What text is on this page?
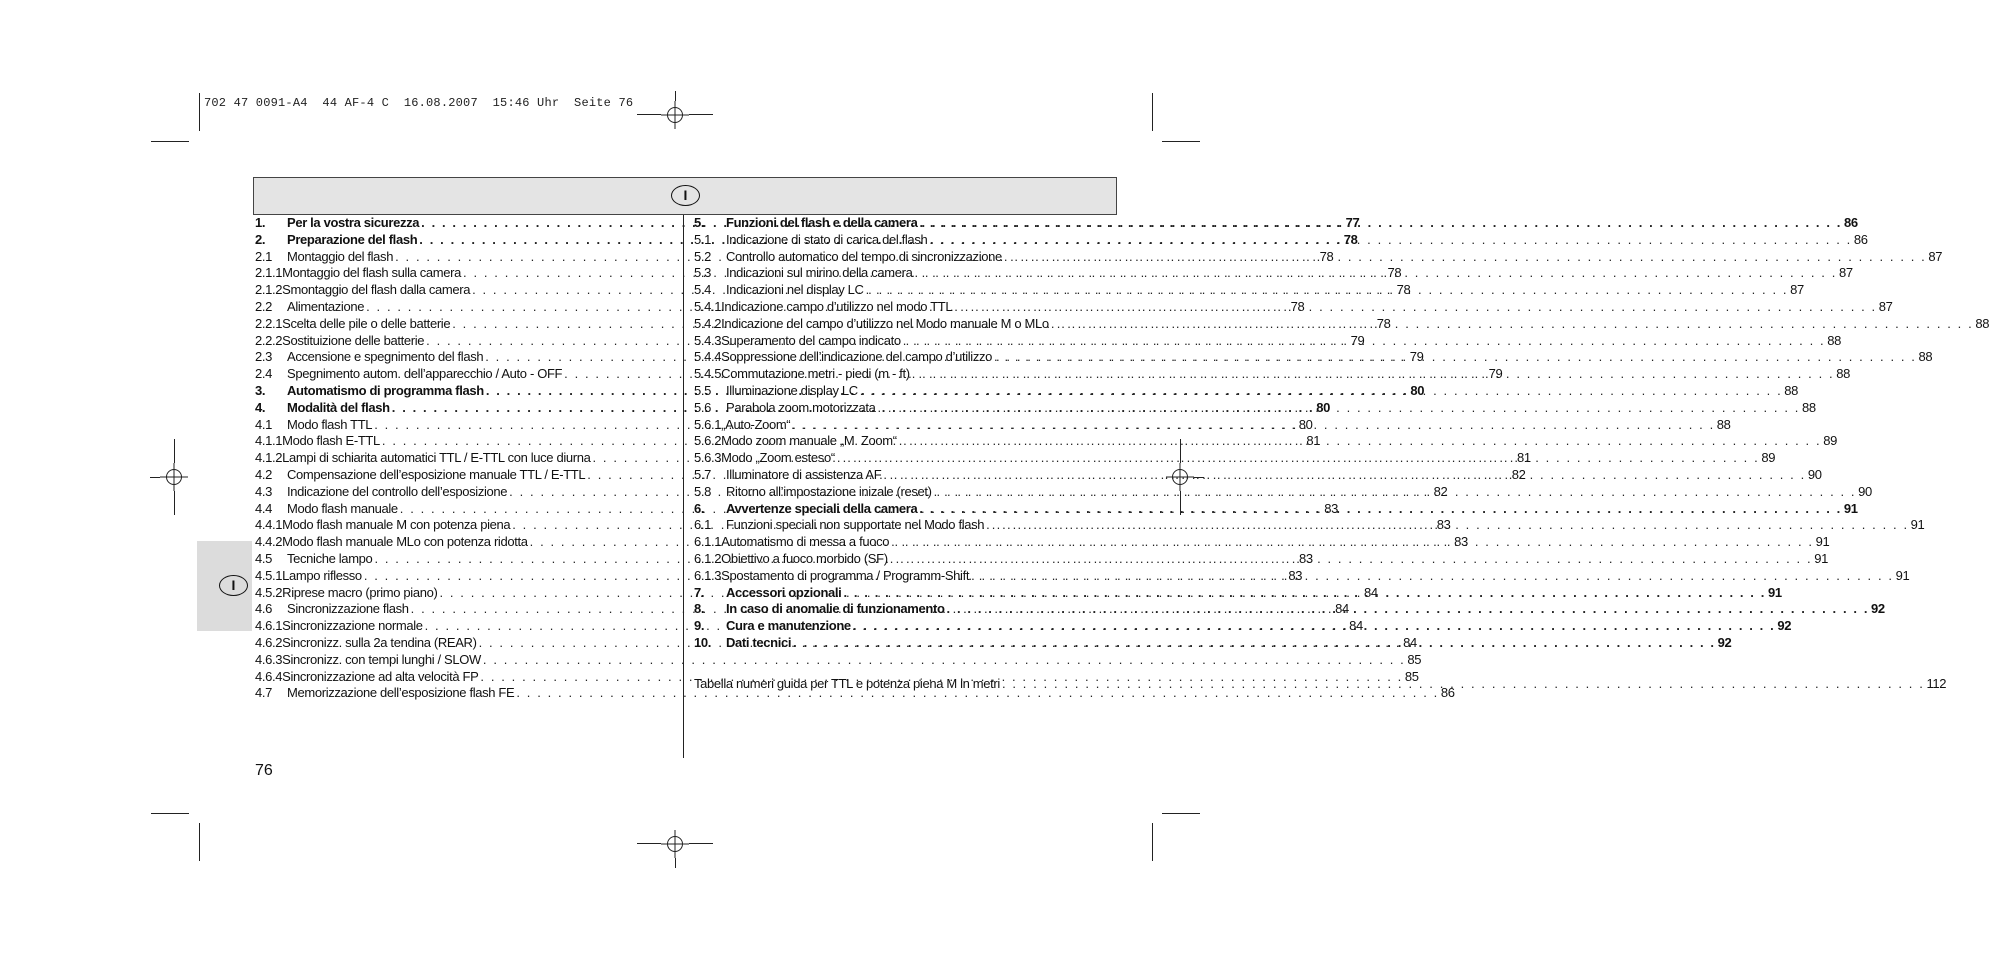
702 47 0091-A4  44 AF-4 C  16.08.2007  15:46 Uhr  Seite 76
I
I
1.	Per la vostra sicurezza . . .	77
2.	Preparazione del flash . . .	78
2.1	Montaggio del flash . . .	78
2.1.1 Montaggio del flash sulla camera . . .	78
2.1.2 Smontaggio del flash dalla camera . . .	78
2.2	Alimentazione . . .	78
2.2.1 Scelta delle pile o delle batterie . . .	78
2.2.2 Sostituizione delle batterie . . .	79
2.3	Accensione e spegnimento del flash . . .	79
2.4	Spegnimento autom. dell’apparecchio / Auto - OFF . . .	79
3.	Automatismo di programma flash . . .	80
4.	Modalità del flash . . .	80
4.1	Modo flash TTL . . .	80
4.1.1 Modo flash E-TTL . . .	81
4.1.2 Lampi di schiarita automatici TTL / E-TTL con luce diurna . . .	81
4.2	Compensazione dell’esposizione manuale TTL / E-TTL . . .	82
4.3	Indicazione del controllo dell’esposizione . . .	82
4.4	Modo flash manuale . . .	83
4.4.1 Modo flash manuale M con potenza piena . . .	83
4.4.2 Modo flash manuale MLo con potenza ridotta . . .	83
4.5	Tecniche lampo . . .	83
4.5.1 Lampo riflesso . . .	83
4.5.2 Riprese macro (primo piano) . . .	84
4.6	Sincronizzazione flash . . .	84
4.6.1 Sincronizzazione normale . . .	84
4.6.2 Sincronizz. sulla 2a tendina (REAR) . . .	84
4.6.3 Sincronizz. con tempi lunghi / SLOW . . .	85
4.6.4 Sincronizzazione ad alta velocità FP . . .	85
4.7	Memorizzazione dell’esposizione flash FE . . .	86
5.	Funzioni del flash e della camera . . .	86
5.1	Indicazione di stato di carica del flash . . .	86
5.2	Controllo automatico del tempo di sincronizzazione . . .	87
5.3	Indicazioni sul mirino della camera . . .	87
5.4	Indicazioni nel display LC . . .	87
5.4.1 Indicazione campo d’utilizzo nel modo TTL . . .	87
5.4.2 Indicazione del campo d’utilizzo nel Modo manuale M o MLo . . .	88
5.4.3 Superamento del campo indicato . . .	88
5.4.4 Soppressione dell’indicazione del campo d’utilizzo . . .	88
5.4.5 Commutazione metri - piedi (m - ft) . . .	88
5.5	Illuminazione display LC . . .	88
5.6	Parabola zoom motorizzata . . .	88
5.6.1 „Auto-Zoom“ . . .	88
5.6.2 Modo zoom manuale „M. Zoom“ . . .	89
5.6.3 Modo „Zoom esteso“ . . .	89
5.7	Illuminatore di assistenza AF . . .	90
5.8	Ritorno all’impostazione inizale (reset) . . .	90
6.	Avvertenze speciali della camera . . .	91
6.1	Funzioni speciali non supportate nel Modo flash . . .	91
6.1.1 Automatismo di messa a fuoco . . .	91
6.1.2 Obiettivo a fuoco morbido (SF) . . .	91
6.1.3 Spostamento di programma / Programm-Shift . . .	91
7.	Accessori opzionali . . .	91
8.	In caso di anomalie di funzionamento . . .	92
9.	Cura e manutenzione . . .	92
10.	Dati tecnici . . .	92
Tabella numeri guida per TTL e potenza piena M in metri . . .	112
76
